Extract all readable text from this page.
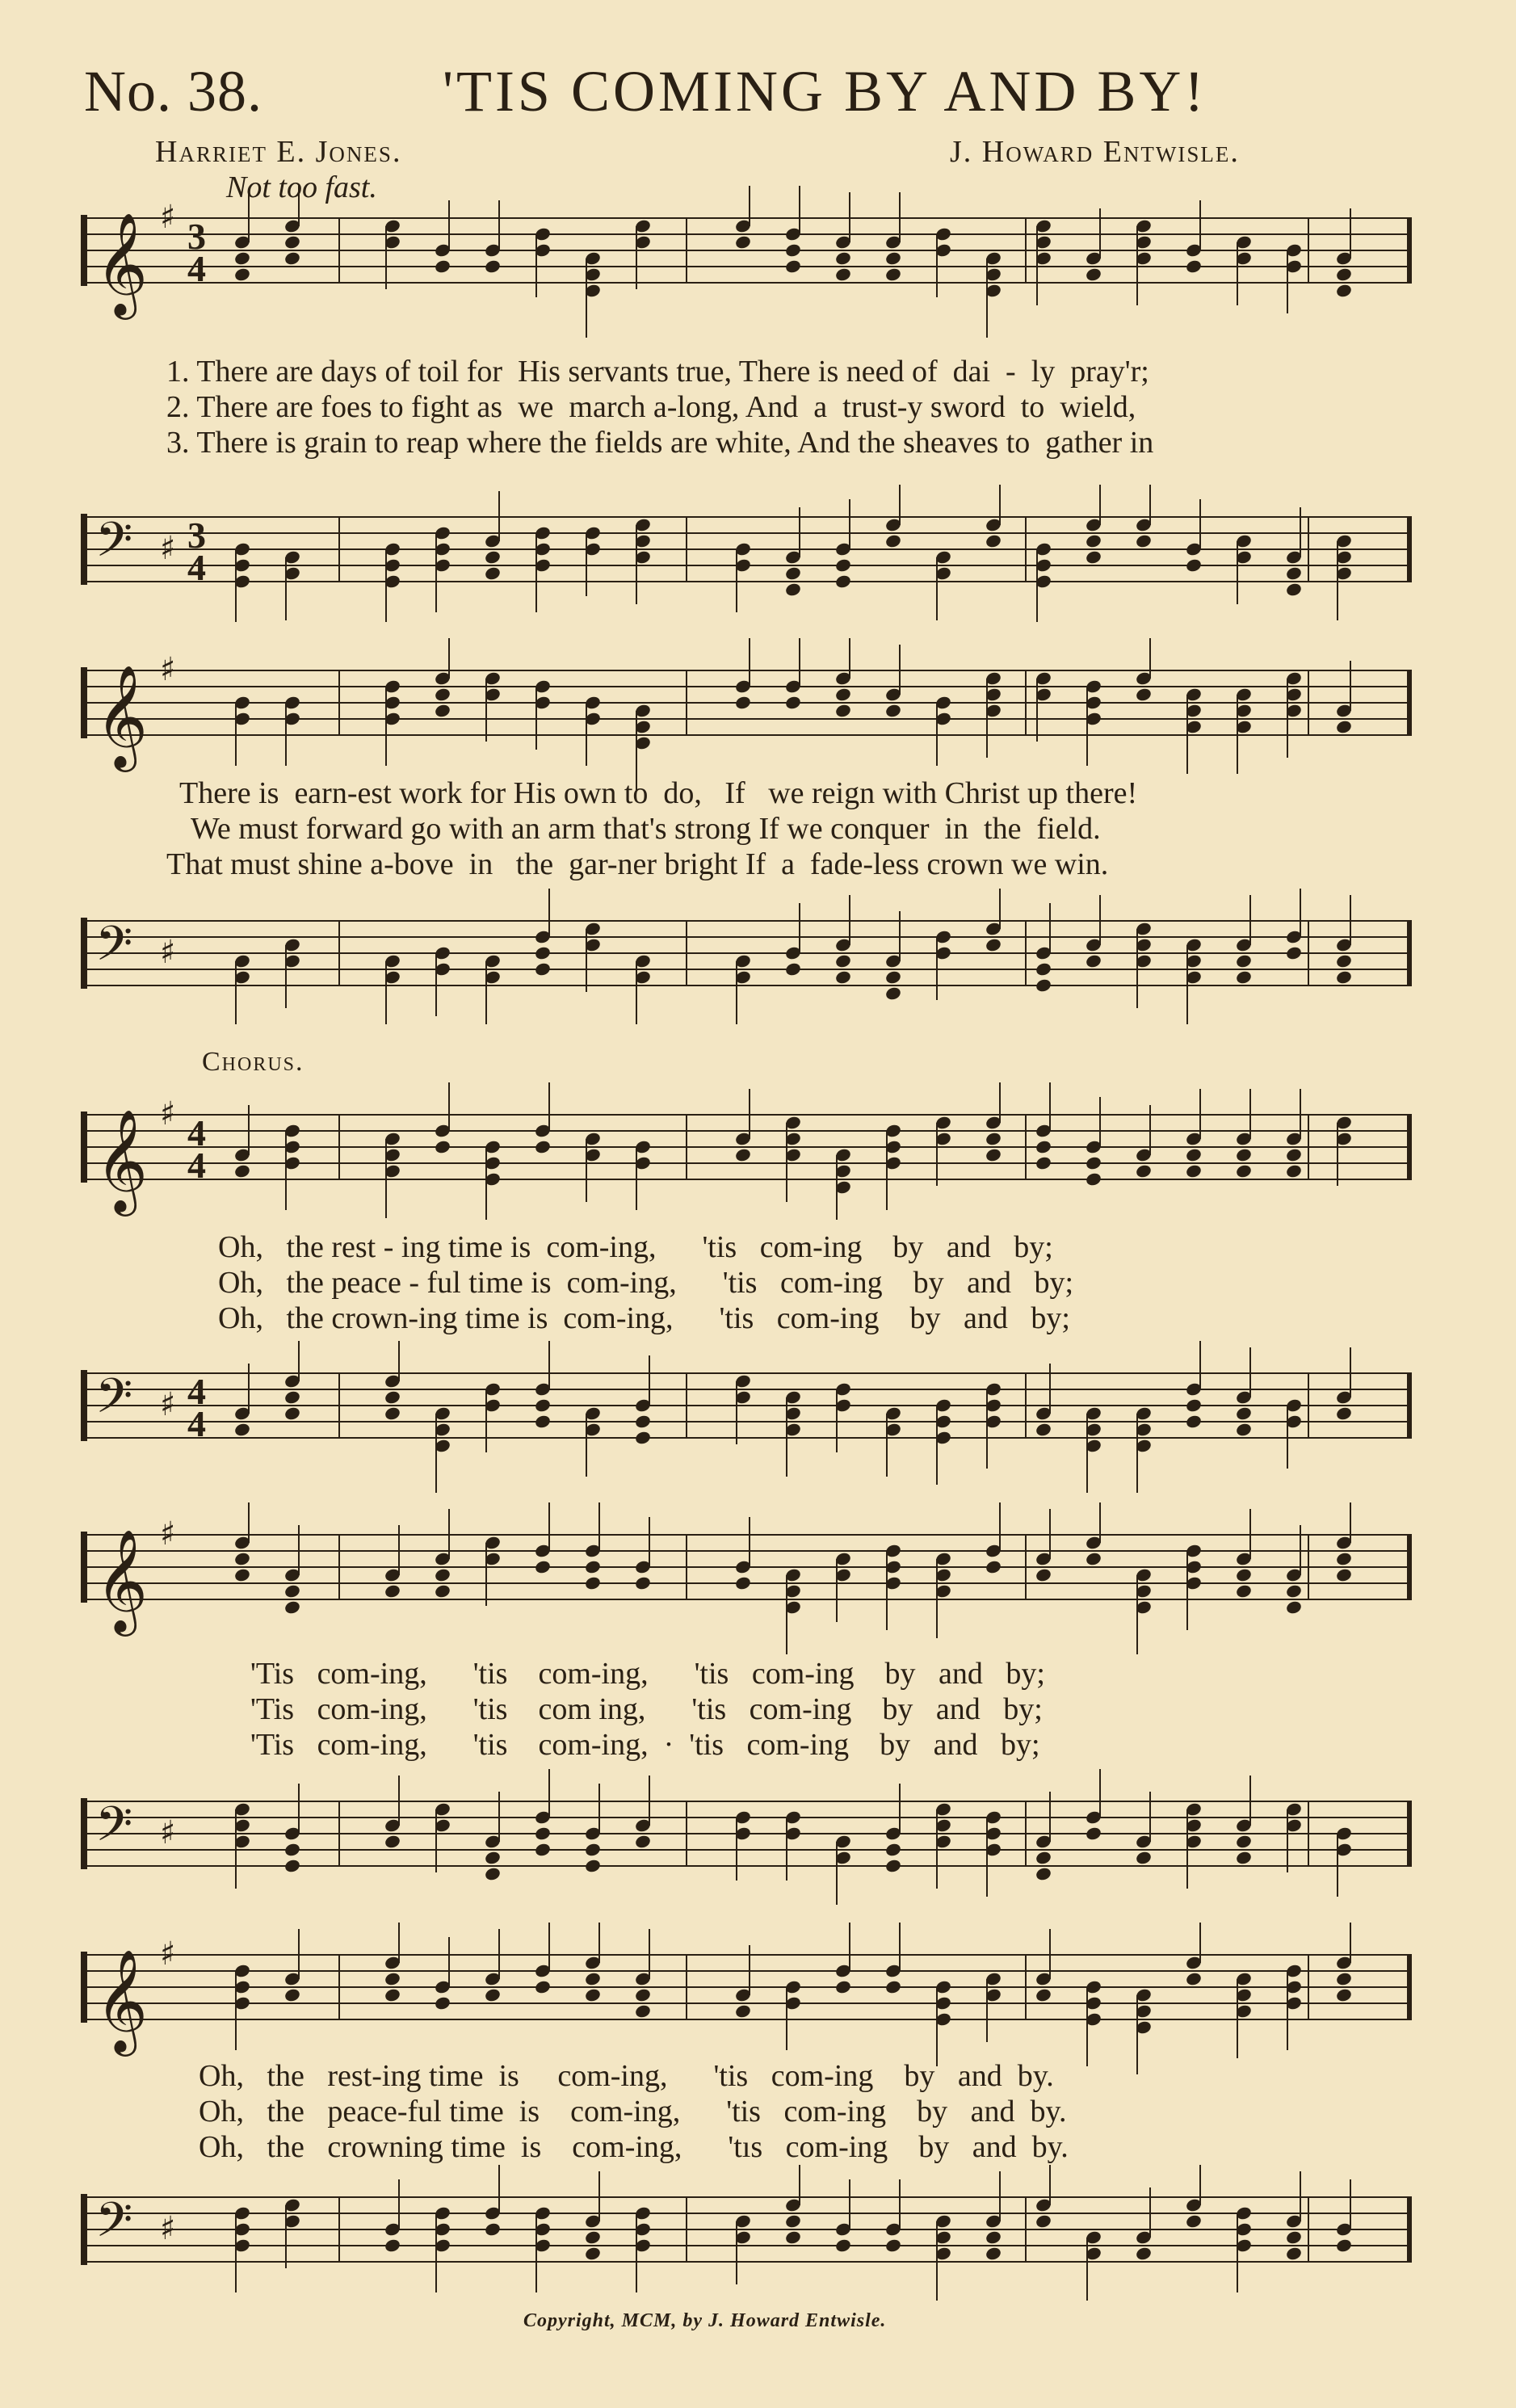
No. 38.	'TIS COMING BY AND BY!
Harriet E. Jones.	J. Howard Entwisle.
Not too fast.
𝄞 ♯ 3
4
𝄢 ♯ 3
4
1. There are days of toil for  His servants true, There is need of  dai  -  ly  pray'r;
2. There are foes to fight as  we  march a-long, And  a  trust-y sword  to  wield,
3. There is grain to reap where the fields are white, And the sheaves to  gather in
𝄞 ♯
There is  earn-est work for His own to  do,   If   we reign with Christ up there!
We must forward go with an arm that's strong If we conquer  in  the  field.
That must shine a-bove  in   the  gar-ner bright If  a  fade-less crown we win.
𝄢 ♯
Chorus.
𝄞 ♯ 4
4
Oh,   the rest - ing time is  com-ing,      'tis   com-ing    by   and   by;
Oh,   the peace - ful time is  com-ing,      'tis   com-ing    by   and   by;
Oh,   the crown-ing time is  com-ing,      'tis   com-ing    by   and   by;
𝄢 ♯ 4
4
𝄞 ♯
'Tis   com-ing,      'tis    com-ing,      'tis   com-ing    by   and   by;
'Tis   com-ing,      'tis    com ing,      'tis   com-ing    by   and   by;
'Tis   com-ing,      'tis    com-ing,  ·  'tis   com-ing    by   and   by;
𝄢 ♯
𝄞 ♯
Oh,   the   rest-ing time  is     com-ing,      'tis   com-ing    by   and  by.
Oh,   the   peace-ful time  is    com-ing,      'tis   com-ing    by   and  by.
Oh,   the   crowning time  is    com-ing,      'tıs   com-ing    by   and  by.
𝄢 ♯
Copyright, MCM, by J. Howard Entwisle.
